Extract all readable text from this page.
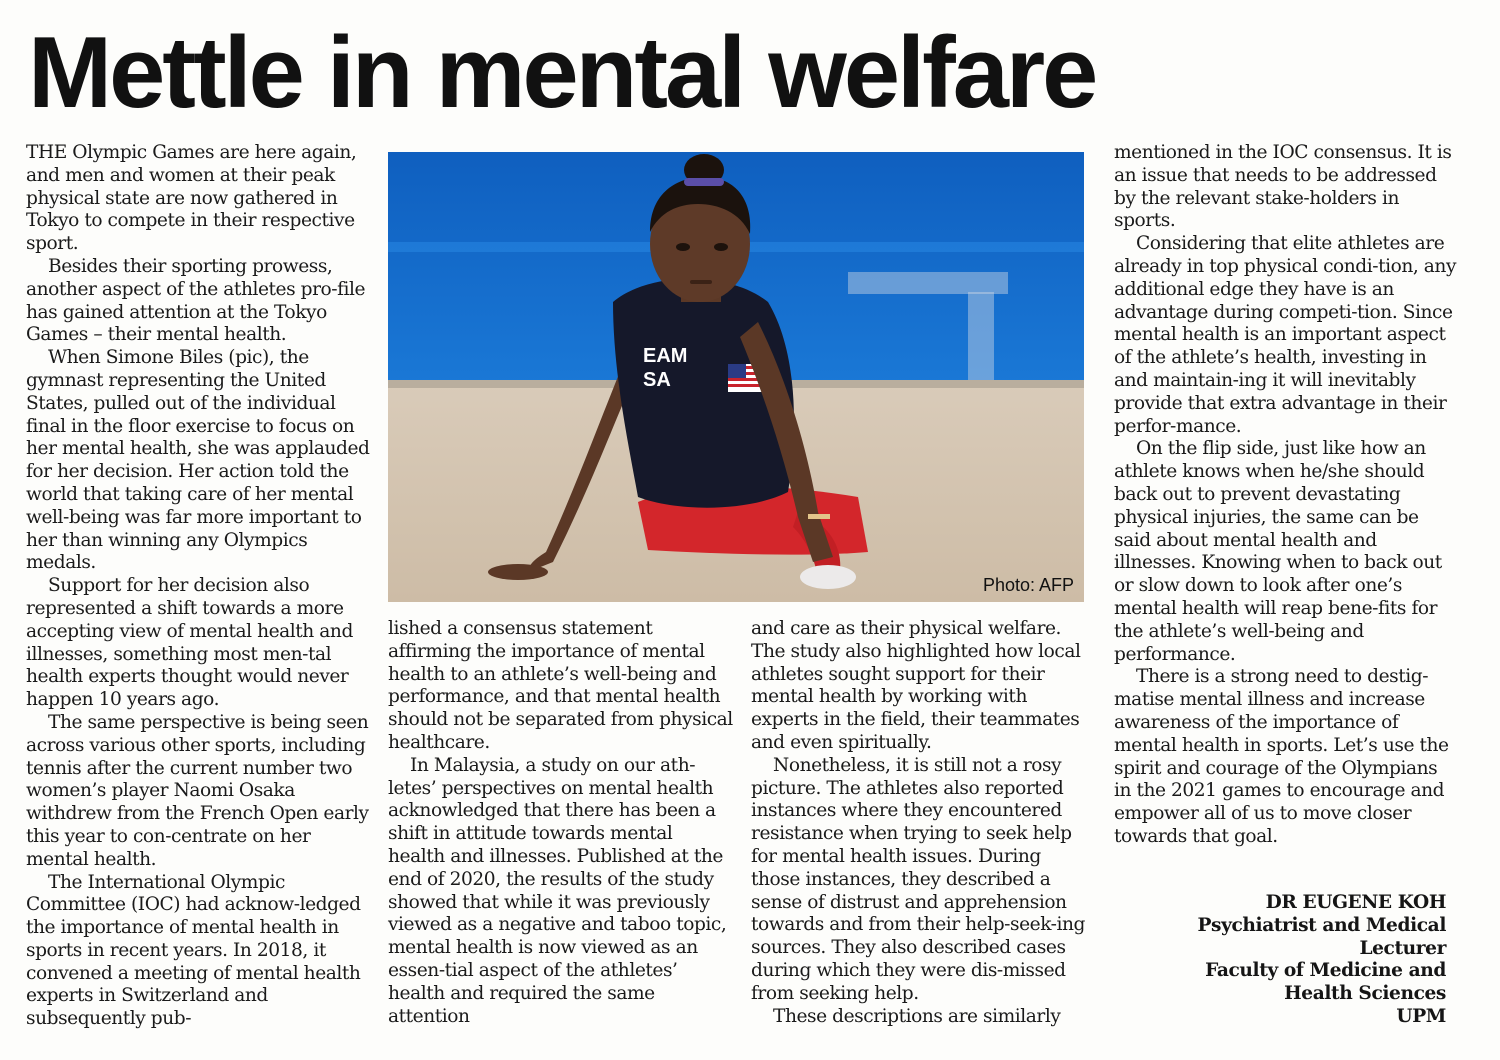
Mettle in mental welfare

THE Olympic Games are here again, and men and women at their peak physical state are now gathered in Tokyo to compete in their respective sport.

Besides their sporting prowess, another aspect of the athletes pro-file has gained attention at the Tokyo Games – their mental health.

When Simone Biles (pic), the gymnast representing the United States, pulled out of the individual final in the floor exercise to focus on her mental health, she was applauded for her decision. Her action told the world that taking care of her mental well-being was far more important to her than winning any Olympics medals.

Support for her decision also represented a shift towards a more accepting view of mental health and illnesses, something most men-tal health experts thought would never happen 10 years ago.

The same perspective is being seen across various other sports, including tennis after the current number two women’s player Naomi Osaka withdrew from the French Open early this year to con-centrate on her mental health.

The International Olympic Committee (IOC) had acknow-ledged the importance of mental health in sports in recent years. In 2018, it convened a meeting of mental health experts in Switzerland and subsequently pub-

EAM SA
Photo: AFP

lished a consensus statement affirming the importance of mental health to an athlete’s well-being and performance, and that mental health should not be separated from physical healthcare.

In Malaysia, a study on our ath-letes’ perspectives on mental health acknowledged that there has been a shift in attitude towards mental health and illnesses. Published at the end of 2020, the results of the study showed that while it was previously viewed as a negative and taboo topic, mental health is now viewed as an essen-tial aspect of the athletes’ health and required the same attention

and care as their physical welfare. The study also highlighted how local athletes sought support for their mental health by working with experts in the field, their teammates and even spiritually.

Nonetheless, it is still not a rosy picture. The athletes also reported instances where they encountered resistance when trying to seek help for mental health issues. During those instances, they described a sense of distrust and apprehension towards and from their help-seek-ing sources. They also described cases during which they were dis-missed from seeking help.

These descriptions are similarly

mentioned in the IOC consensus. It is an issue that needs to be addressed by the relevant stake-holders in sports.

Considering that elite athletes are already in top physical condi-tion, any additional edge they have is an advantage during competi-tion. Since mental health is an important aspect of the athlete’s health, investing in and maintain-ing it will inevitably provide that extra advantage in their perfor-mance.

On the flip side, just like how an athlete knows when he/she should back out to prevent devastating physical injuries, the same can be said about mental health and illnesses. Knowing when to back out or slow down to look after one’s mental health will reap bene-fits for the athlete’s well-being and performance.

There is a strong need to destig-matise mental illness and increase awareness of the importance of mental health in sports. Let’s use the spirit and courage of the Olympians in the 2021 games to encourage and empower all of us to move closer towards that goal.

DR EUGENE KOH
Psychiatrist and Medical
Lecturer
Faculty of Medicine and
Health Sciences
UPM
